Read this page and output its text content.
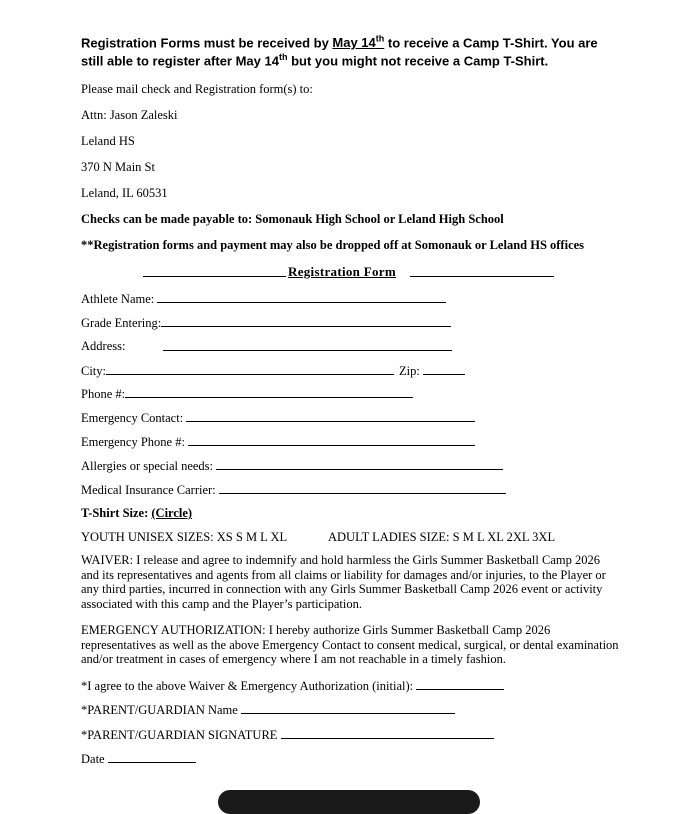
Registration Forms must be received by May 14th to receive a Camp T-Shirt. You are
still able to register after May 14th but you might not receive a Camp T-Shirt.
Please mail check and Registration form(s) to:
Attn: Jason Zaleski
Leland HS
370 N Main St
Leland, IL 60531
Checks can be made payable to: Somonauk High School or Leland High School
**Registration forms and payment may also be dropped off at Somonauk or Leland HS offices
Registration Form
Athlete Name:
Grade Entering:
Address:
City:	Zip:
Phone #:
Emergency Contact:
Emergency Phone #:
Allergies or special needs:
Medical Insurance Carrier:
T-Shirt Size: (Circle)
YOUTH UNISEX SIZES: XS S M L XL	ADULT LADIES SIZE: S M L XL 2XL 3XL
WAIVER: I release and agree to indemnify and hold harmless the Girls Summer Basketball Camp 2026 and its representatives and agents from all claims or liability for damages and/or injuries, to the Player or any third parties, incurred in connection with any Girls Summer Basketball Camp 2026 event or activity associated with this camp and the Player’s participation.
EMERGENCY AUTHORIZATION: I hereby authorize Girls Summer Basketball Camp 2026 representatives as well as the above Emergency Contact to consent medical, surgical, or dental examination and/or treatment in cases of emergency where I am not reachable in a timely fashion.
*I agree to the above Waiver & Emergency Authorization (initial):
*PARENT/GUARDIAN Name
*PARENT/GUARDIAN SIGNATURE
Date
